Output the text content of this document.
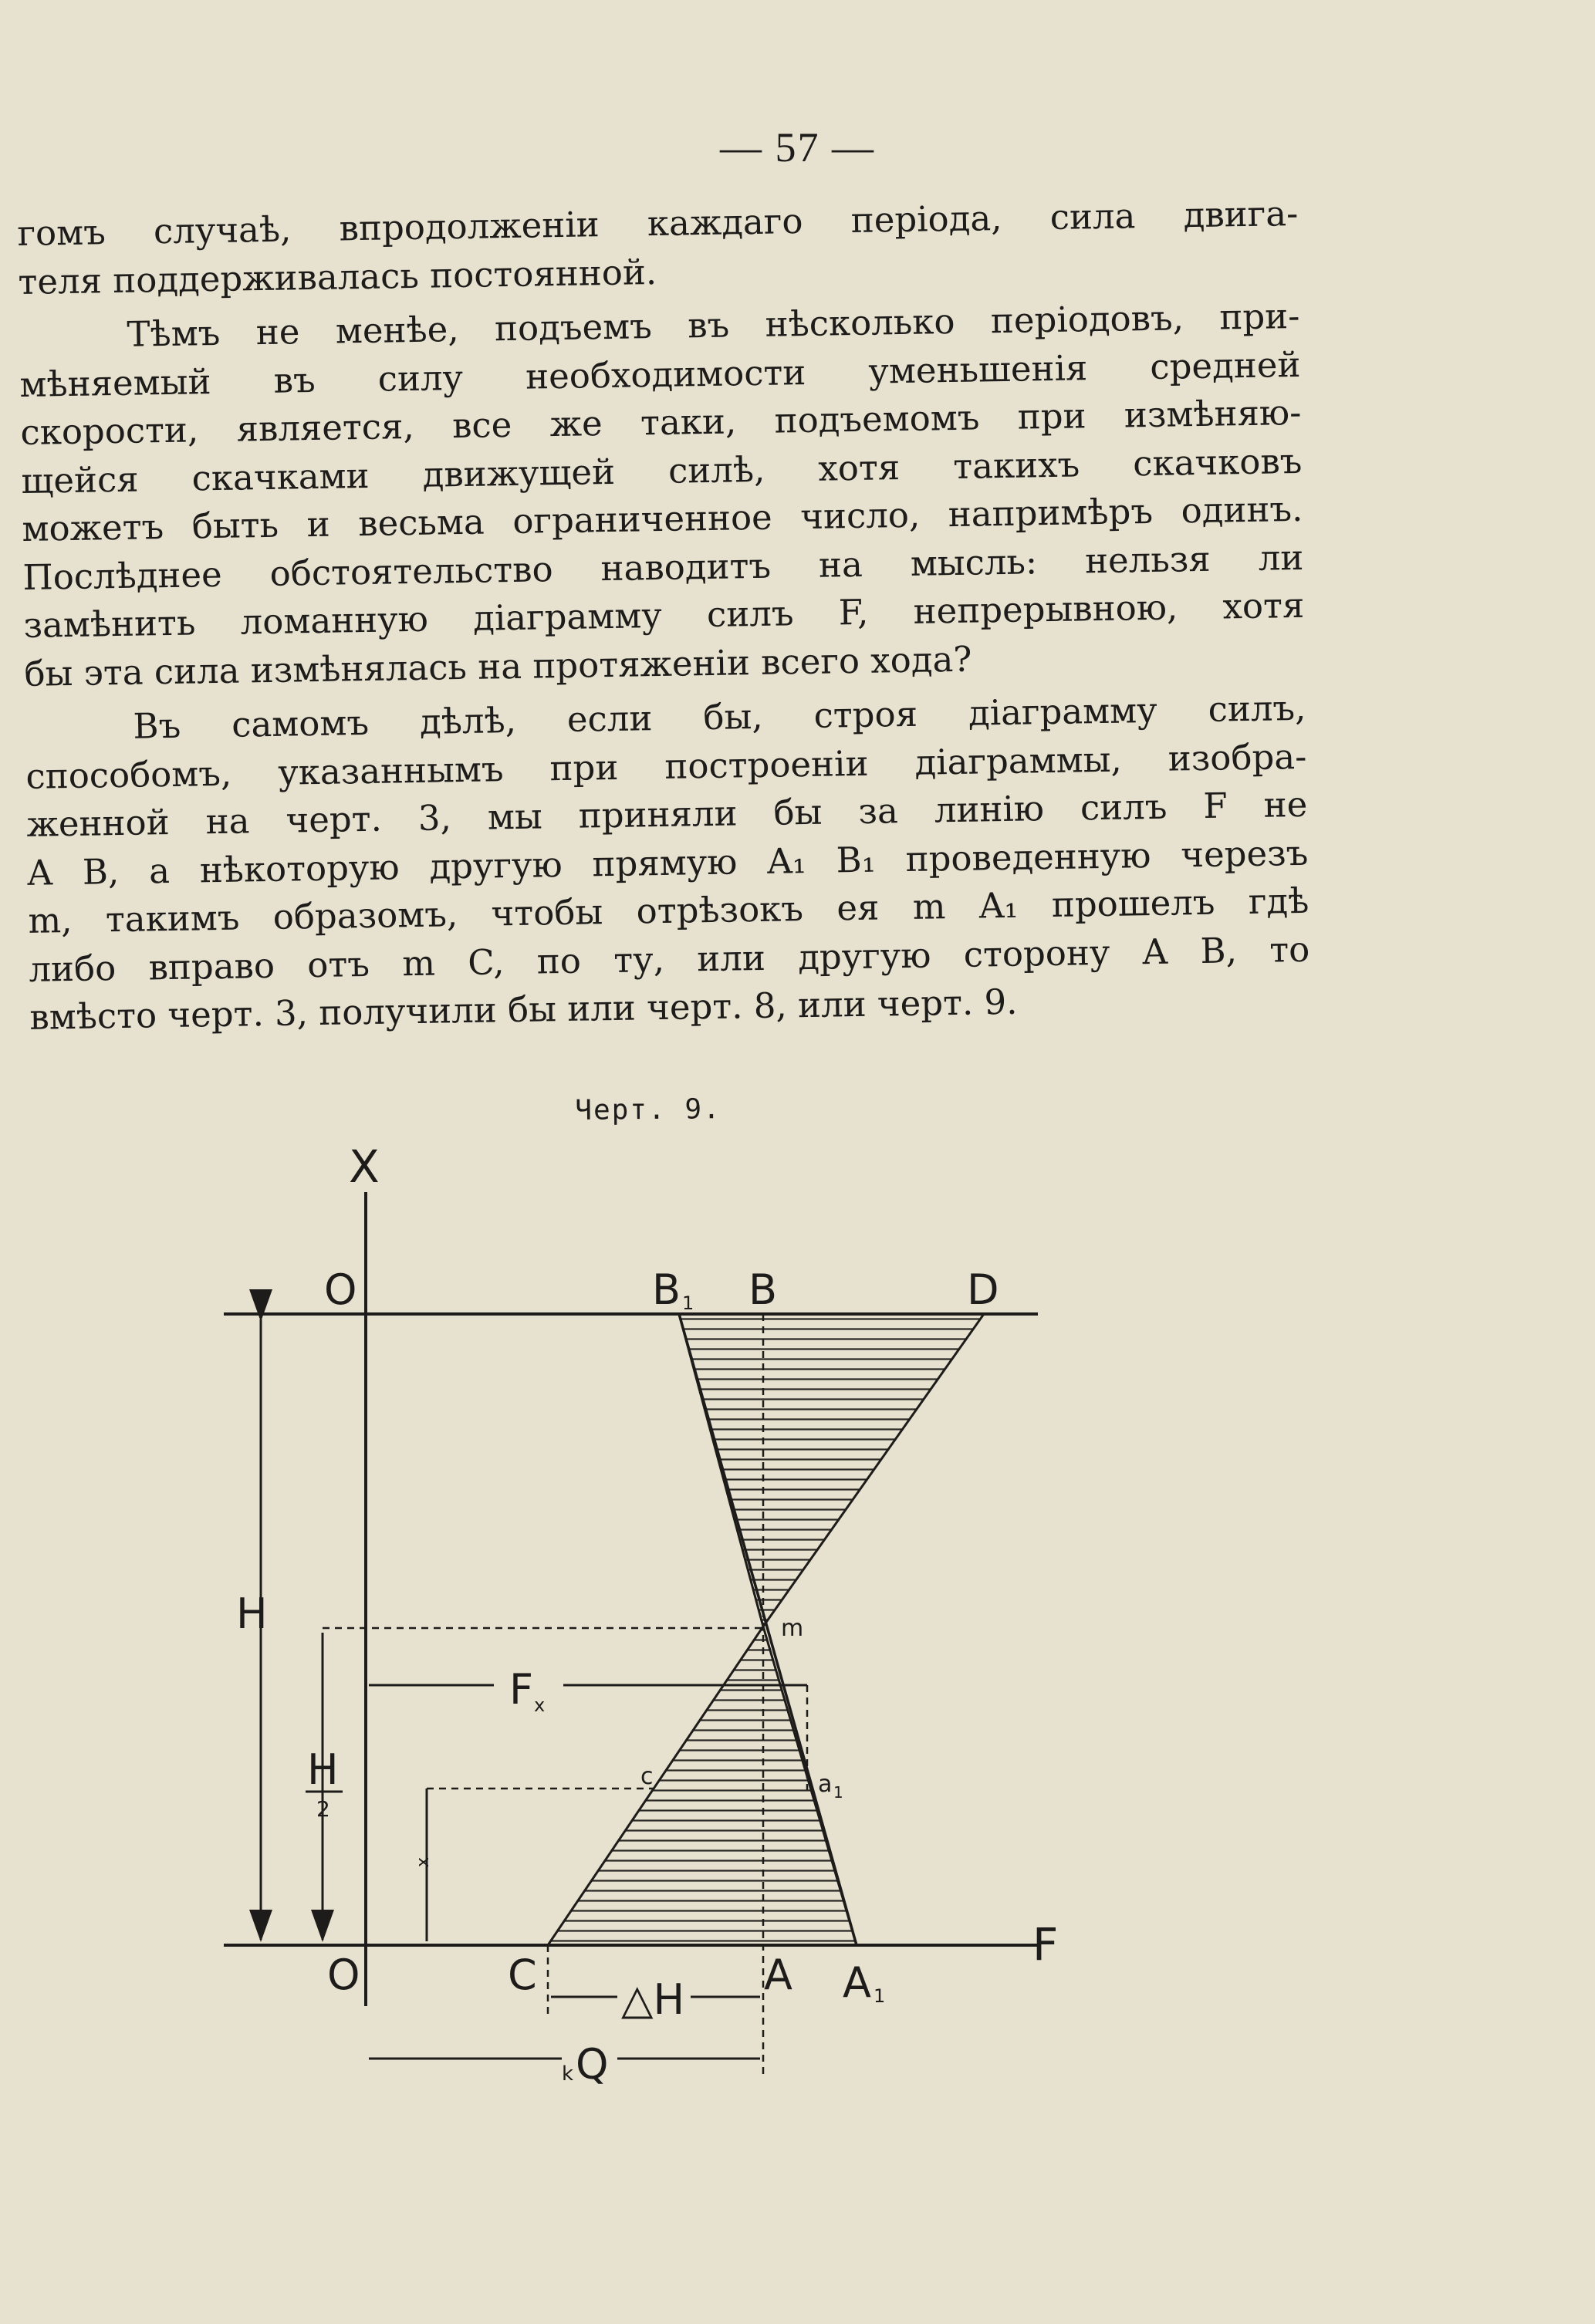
— 57 —
гомъ случаѣ, впродолженіи каждаго періода, сила двига-
теля поддерживалась постоянной.
Тѣмъ не менѣе, подъемъ въ нѣсколько періодовъ, при-
мѣняемый въ силу необходимости уменьшенія средней
скорости, является, все же таки, подъемомъ при измѣняю-
щейся скачками движущей силѣ, хотя такихъ скачковъ
можетъ быть и весьма ограниченное число, напримѣръ одинъ.
Послѣднее обстоятельство наводитъ на мысль: нельзя ли
замѣнить ломанную діаграмму силъ F, непрерывною, хотя
бы эта сила измѣнялась на протяженіи всего хода?
Въ самомъ дѣлѣ, если бы, строя діаграмму силъ,
способомъ, указаннымъ при построеніи діаграммы, изобра-
женной на черт. 3, мы приняли бы за линію силъ F не
A B, а нѣкоторую другую прямую A₁ B₁ проведенную черезъ
m, такимъ образомъ, чтобы отрѣзокъ ея m A₁ прошелъ гдѣ
либо вправо отъ m C, по ту, или другую сторону A B, то
вмѣсто черт. 3, получили бы или черт. 8, или черт. 9.
Черт. 9.
X
O	B 1 B	D
H	m
F x
H
2
c	a 1
x
O	C	A A 1
F
△H
k Q
